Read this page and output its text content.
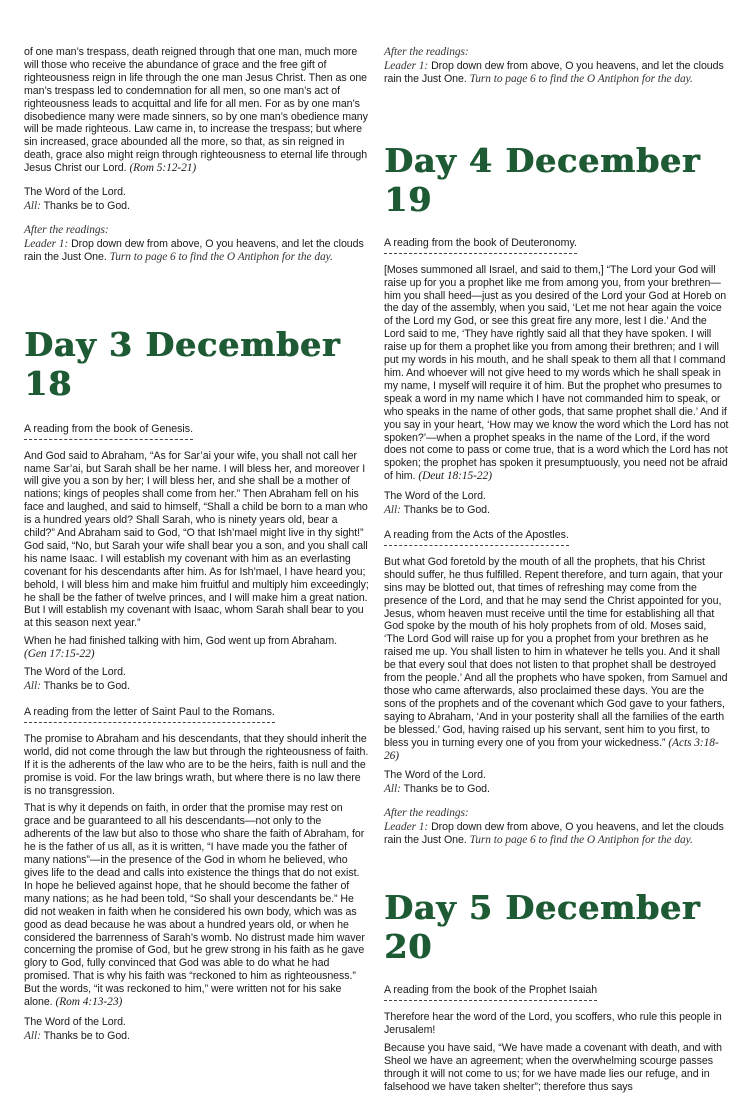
of one man’s trespass, death reigned through that one man, much more will those who receive the abundance of grace and the free gift of righteousness reign in life through the one man Jesus Christ. Then as one man’s trespass led to condemnation for all men, so one man’s act of righteousness leads to acquittal and life for all men. For as by one man’s disobedience many were made sinners, so by one man’s obedience many will be made righteous. Law came in, to increase the trespass; but where sin increased, grace abounded all the more, so that, as sin reigned in death, grace also might reign through righteousness to eternal life through Jesus Christ our Lord. (Rom 5:12-21)

The Word of the Lord.

All: Thanks be to God.

After the readings:

Leader 1: Drop down dew from above, O you heavens, and let the clouds rain the Just One. Turn to page 6 to find the O Antiphon for the day.

Day 3 December 18
A reading from the book of Genesis.

And God said to Abraham, “As for Sar’ai your wife, you shall not call her name Sar’ai, but Sarah shall be her name. I will bless her, and moreover I will give you a son by her; I will bless her, and she shall be a mother of nations; kings of peoples shall come from her.” Then Abraham fell on his face and laughed, and said to himself, “Shall a child be born to a man who is a hundred years old? Shall Sarah, who is ninety years old, bear a child?” And Abraham said to God, “O that Ish’mael might live in thy sight!” God said, “No, but Sarah your wife shall bear you a son, and you shall call his name Isaac. I will establish my covenant with him as an everlasting covenant for his descendants after him. As for Ish’mael, I have heard you; behold, I will bless him and make him fruitful and multiply him exceedingly; he shall be the father of twelve princes, and I will make him a great nation. But I will establish my covenant with Isaac, whom Sarah shall bear to you at this season next year.”

When he had finished talking with him, God went up from Abraham.
(Gen 17:15-22)

The Word of the Lord.

All: Thanks be to God.

A reading from the letter of Saint Paul to the Romans.

The promise to Abraham and his descendants, that they should inherit the world, did not come through the law but through the righteousness of faith. If it is the adherents of the law who are to be the heirs, faith is null and the promise is void. For the law brings wrath, but where there is no law there is no transgression.

That is why it depends on faith, in order that the promise may rest on grace and be guaranteed to all his descendants—not only to the adherents of the law but also to those who share the faith of Abraham, for he is the father of us all, as it is written, “I have made you the father of many nations”—in the presence of the God in whom he believed, who gives life to the dead and calls into existence the things that do not exist. In hope he believed against hope, that he should become the father of many nations; as he had been told, “So shall your descendants be.” He did not weaken in faith when he considered his own body, which was as good as dead because he was about a hundred years old, or when he considered the barrenness of Sarah’s womb. No distrust made him waver concerning the promise of God, but he grew strong in his faith as he gave glory to God, fully convinced that God was able to do what he had promised. That is why his faith was “reckoned to him as righteousness.” But the words, “it was reckoned to him,” were written not for his sake alone. (Rom 4:13-23)

The Word of the Lord.

All: Thanks be to God.

After the readings:

Leader 1: Drop down dew from above, O you heavens, and let the clouds rain the Just One. Turn to page 6 to find the O Antiphon for the day.

Day 4 December 19
A reading from the book of Deuteronomy.

[Moses summoned all Israel, and said to them,] “The Lord your God will raise up for you a prophet like me from among you, from your brethren—him you shall heed—just as you desired of the Lord your God at Horeb on the day of the assembly, when you said, ‘Let me not hear again the voice of the Lord my God, or see this great fire any more, lest I die.’ And the Lord said to me, ‘They have rightly said all that they have spoken. I will raise up for them a prophet like you from among their brethren; and I will put my words in his mouth, and he shall speak to them all that I command him. And whoever will not give heed to my words which he shall speak in my name, I myself will require it of him. But the prophet who presumes to speak a word in my name which I have not commanded him to speak, or who speaks in the name of other gods, that same prophet shall die.’ And if you say in your heart, ‘How may we know the word which the Lord has not spoken?’—when a prophet speaks in the name of the Lord, if the word does not come to pass or come true, that is a word which the Lord has not spoken; the prophet has spoken it presumptuously, you need not be afraid of him. (Deut 18:15-22)

The Word of the Lord.

All: Thanks be to God.

A reading from the Acts of the Apostles.

But what God foretold by the mouth of all the prophets, that his Christ should suffer, he thus fulfilled. Repent therefore, and turn again, that your sins may be blotted out, that times of refreshing may come from the presence of the Lord, and that he may send the Christ appointed for you, Jesus, whom heaven must receive until the time for establishing all that God spoke by the mouth of his holy prophets from of old. Moses said, ‘The Lord God will raise up for you a prophet from your brethren as he raised me up. You shall listen to him in whatever he tells you. And it shall be that every soul that does not listen to that prophet shall be destroyed from the people.’ And all the prophets who have spoken, from Samuel and those who came afterwards, also proclaimed these days. You are the sons of the prophets and of the covenant which God gave to your fathers, saying to Abraham, ‘And in your posterity shall all the families of the earth be blessed.’ God, having raised up his servant, sent him to you first, to bless you in turning every one of you from your wickedness.” (Acts 3:18-26)

The Word of the Lord.

All: Thanks be to God.

After the readings:

Leader 1: Drop down dew from above, O you heavens, and let the clouds rain the Just One. Turn to page 6 to find the O Antiphon for the day.

Day 5 December 20
A reading from the book of the Prophet Isaiah

Therefore hear the word of the Lord, you scoffers, who rule this people in Jerusalem!

Because you have said, “We have made a covenant with death, and with Sheol we have an agreement; when the overwhelming scourge passes through it will not come to us; for we have made lies our refuge, and in falsehood we have taken shelter”; therefore thus says
